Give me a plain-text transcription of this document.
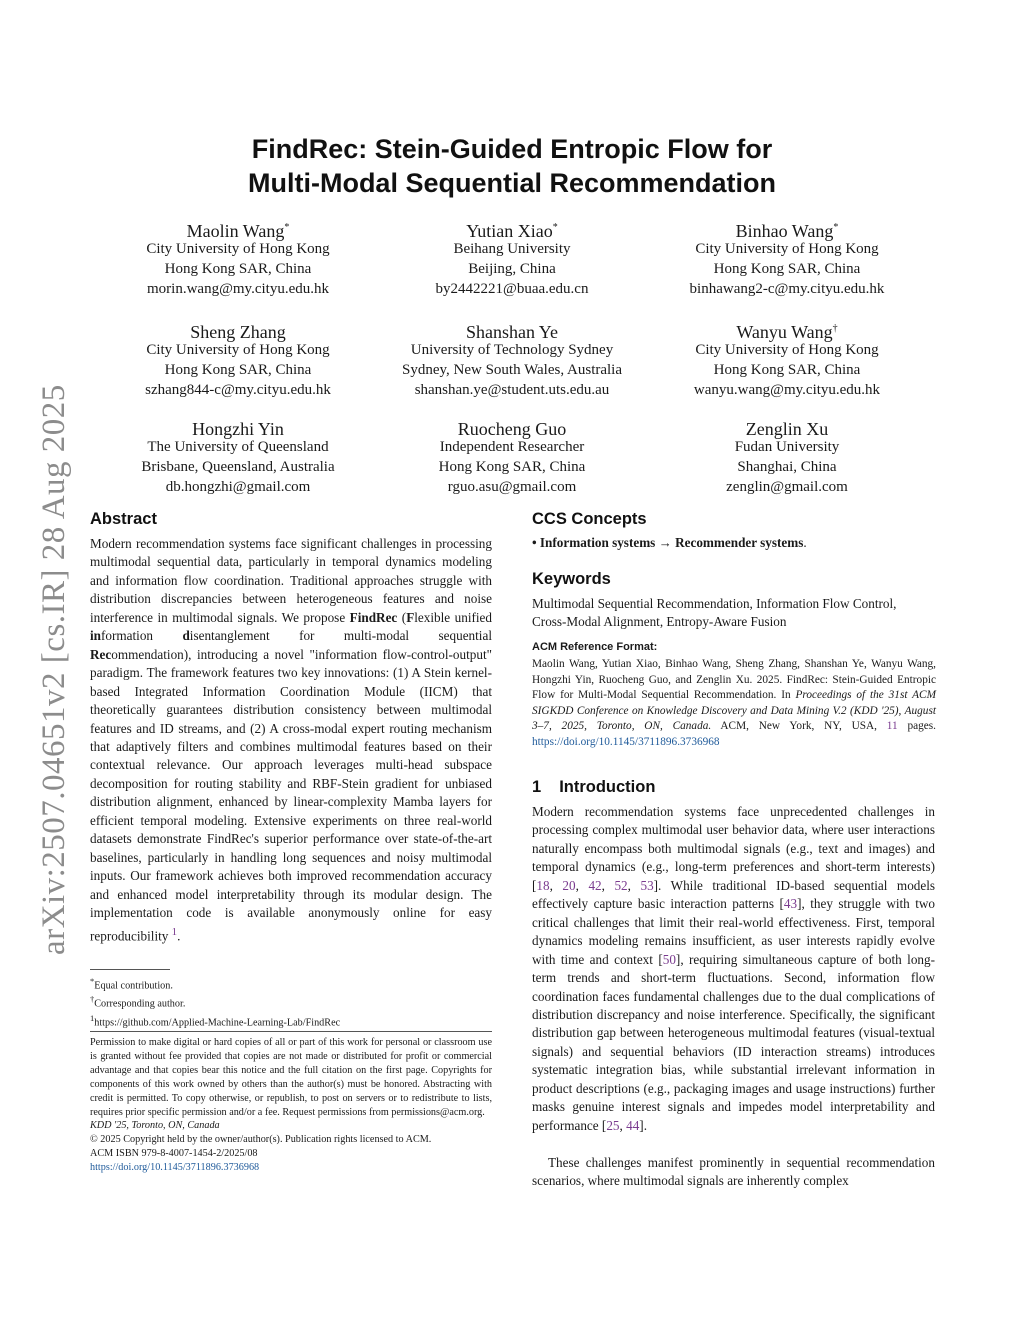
arXiv:2507.04651v2 [cs.IR] 28 Aug 2025
FindRec: Stein-Guided Entropic Flow for
Multi-Modal Sequential Recommendation
Maolin Wang*
City University of Hong Kong
Hong Kong SAR, China
morin.wang@my.cityu.edu.hk
Yutian Xiao*
Beihang University
Beijing, China
by2442221@buaa.edu.cn
Binhao Wang*
City University of Hong Kong
Hong Kong SAR, China
binhawang2-c@my.cityu.edu.hk
Sheng Zhang
City University of Hong Kong
Hong Kong SAR, China
szhang844-c@my.cityu.edu.hk
Shanshan Ye
University of Technology Sydney
Sydney, New South Wales, Australia
shanshan.ye@student.uts.edu.au
Wanyu Wang†
City University of Hong Kong
Hong Kong SAR, China
wanyu.wang@my.cityu.edu.hk
Hongzhi Yin
The University of Queensland
Brisbane, Queensland, Australia
db.hongzhi@gmail.com
Ruocheng Guo
Independent Researcher
Hong Kong SAR, China
rguo.asu@gmail.com
Zenglin Xu
Fudan University
Shanghai, China
zenglin@gmail.com
Abstract
Modern recommendation systems face significant challenges in processing multimodal sequential data, particularly in temporal dynamics modeling and information flow coordination. Traditional approaches struggle with distribution discrepancies between heterogeneous features and noise interference in multimodal signals. We propose FindRec (Flexible unified information disentanglement for multi-modal sequential Recommendation), introducing a novel "information flow-control-output" paradigm. The framework features two key innovations: (1) A Stein kernel-based Integrated Information Coordination Module (IICM) that theoretically guarantees distribution consistency between multimodal features and ID streams, and (2) A cross-modal expert routing mechanism that adaptively filters and combines multimodal features based on their contextual relevance. Our approach leverages multi-head subspace decomposition for routing stability and RBF-Stein gradient for unbiased distribution alignment, enhanced by linear-complexity Mamba layers for efficient temporal modeling. Extensive experiments on three real-world datasets demonstrate FindRec's superior performance over state-of-the-art baselines, particularly in handling long sequences and noisy multimodal inputs. Our framework achieves both improved recommendation accuracy and enhanced model interpretability through its modular design. The implementation code is available anonymously online for easy reproducibility $^1$.
*Equal contribution.
†Corresponding author.
$^1$https://github.com/Applied-Machine-Learning-Lab/FindRec
Permission to make digital or hard copies of all or part of this work for personal or classroom use is granted without fee provided that copies are not made or distributed for profit or commercial advantage and that copies bear this notice and the full citation on the first page. Copyrights for components of this work owned by others than the author(s) must be honored. Abstracting with credit is permitted. To copy otherwise, or republish, to post on servers or to redistribute to lists, requires prior specific permission and/or a fee. Request permissions from permissions@acm.org.
KDD '25, Toronto, ON, Canada
© 2025 Copyright held by the owner/author(s). Publication rights licensed to ACM.
ACM ISBN 979-8-4007-1454-2/2025/08
https://doi.org/10.1145/3711896.3736968
CCS Concepts
• Information systems → Recommender systems.
Keywords
Multimodal Sequential Recommendation, Information Flow Control, Cross-Modal Alignment, Entropy-Aware Fusion
ACM Reference Format:
Maolin Wang, Yutian Xiao, Binhao Wang, Sheng Zhang, Shanshan Ye, Wanyu Wang, Hongzhi Yin, Ruocheng Guo, and Zenglin Xu. 2025. FindRec: Stein-Guided Entropic Flow for Multi-Modal Sequential Recommendation. In Proceedings of the 31st ACM SIGKDD Conference on Knowledge Discovery and Data Mining V.2 (KDD '25), August 3–7, 2025, Toronto, ON, Canada. ACM, New York, NY, USA, 11 pages. https://doi.org/10.1145/3711896.3736968
1 Introduction
Modern recommendation systems face unprecedented challenges in processing complex multimodal user behavior data, where user interactions naturally encompass both multimodal signals (e.g., text and images) and temporal dynamics (e.g., long-term preferences and short-term interests) [18, 20, 42, 52, 53]. While traditional ID-based sequential models effectively capture basic interaction patterns [43], they struggle with two critical challenges that limit their real-world effectiveness. First, temporal dynamics modeling remains insufficient, as user interests rapidly evolve with time and context [50], requiring simultaneous capture of both long-term trends and short-term fluctuations. Second, information flow coordination faces fundamental challenges due to the dual complications of distribution discrepancy and noise interference. Specifically, the significant distribution gap between heterogeneous multimodal features (visual-textual signals) and sequential behaviors (ID interaction streams) introduces systematic integration bias, while substantial irrelevant information in product descriptions (e.g., packaging images and usage instructions) further masks genuine interest signals and impedes model interpretability and performance [25, 44].
These challenges manifest prominently in sequential recommendation scenarios, where multimodal signals are inherently complex
